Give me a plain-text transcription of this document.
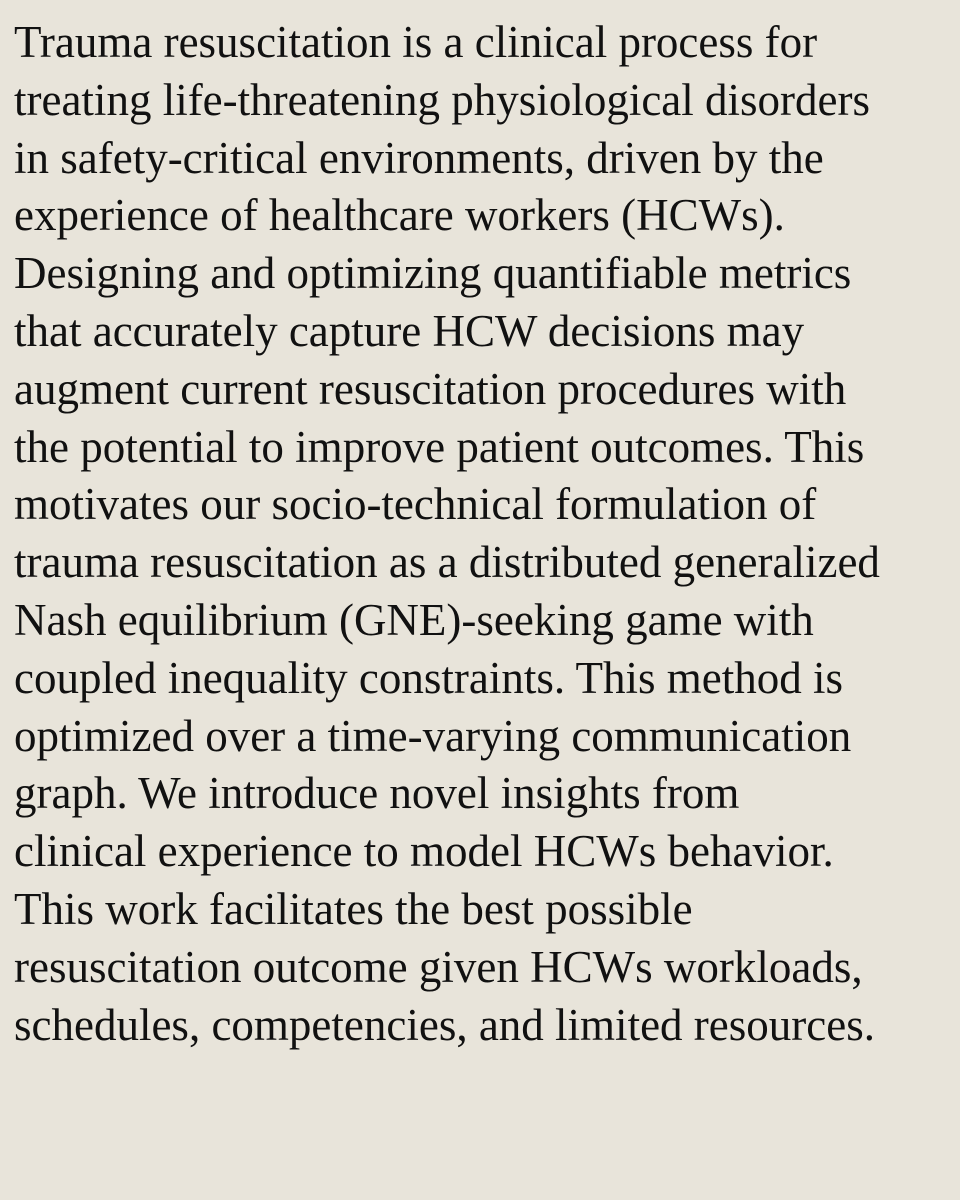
Trauma resuscitation is a clinical process for
treating life-threatening physiological disorders
in safety-critical environments, driven by the
experience of healthcare workers (HCWs).
Designing and optimizing quantifiable metrics
that accurately capture HCW decisions may
augment current resuscitation procedures with
the potential to improve patient outcomes. This
motivates our socio-technical formulation of
trauma resuscitation as a distributed generalized
Nash equilibrium (GNE)-seeking game with
coupled inequality constraints. This method is
optimized over a time-varying communication
graph. We introduce novel insights from
clinical experience to model HCWs behavior.
This work facilitates the best possible
resuscitation outcome given HCWs workloads,
schedules, competencies, and limited resources.
